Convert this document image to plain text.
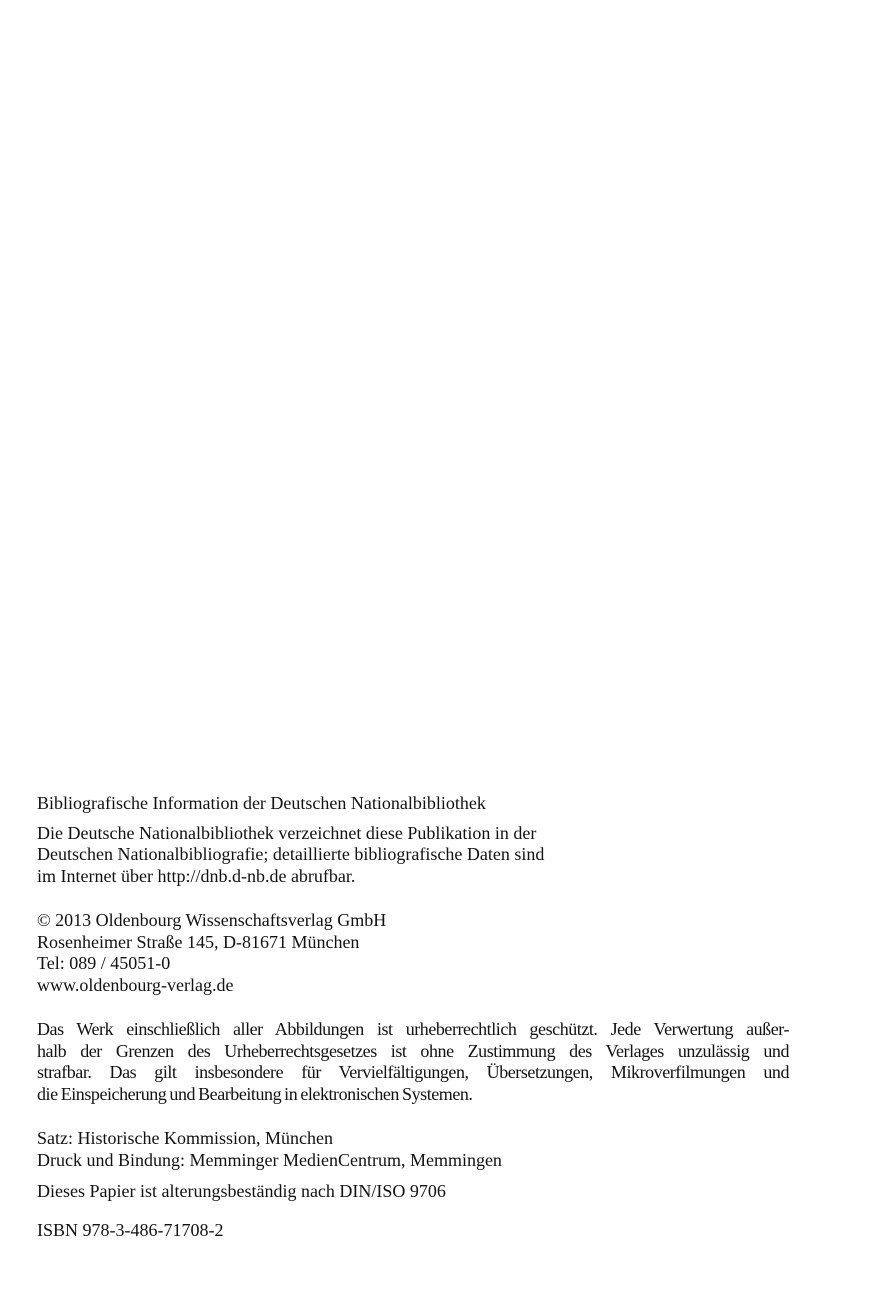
Bibliografische Information der Deutschen Nationalbibliothek
Die Deutsche Nationalbibliothek verzeichnet diese Publikation in der
Deutschen Nationalbibliografie; detaillierte bibliografische Daten sind
im Internet über http://dnb.d-nb.de abrufbar.
© 2013 Oldenbourg Wissenschaftsverlag GmbH
Rosenheimer Straße 145, D-81671 München
Tel: 089 / 45051-0
www.oldenbourg-verlag.de
Das Werk einschließlich aller Abbildungen ist urheberrechtlich geschützt. Jede Verwertung außer-
halb der Grenzen des Urheberrechtsgesetzes ist ohne Zustimmung des Verlages unzulässig und
strafbar. Das gilt insbesondere für Vervielfältigungen, Übersetzungen, Mikroverfilmungen und
die Einspeicherung und Bearbeitung in elektronischen Systemen.
Satz: Historische Kommission, München
Druck und Bindung: Memminger MedienCentrum, Memmingen
Dieses Papier ist alterungsbeständig nach DIN/ISO 9706
ISBN 978-3-486-71708-2
